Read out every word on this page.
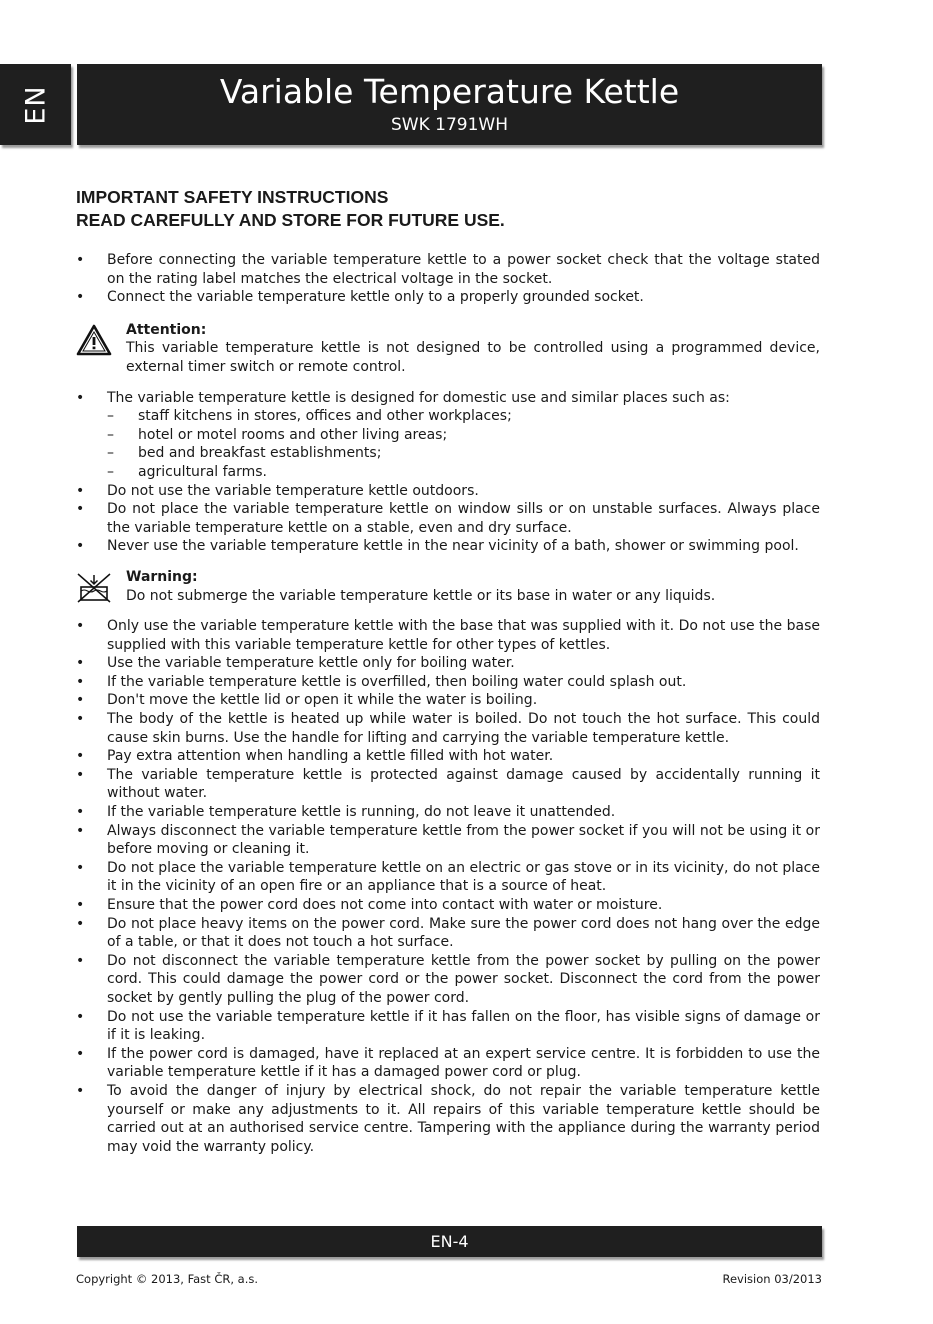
EN	Variable Temperature Kettle
SWK 1791WH
IMPORTANT SAFETY INSTRUCTIONS
READ CAREFULLY AND STORE FOR FUTURE USE.
• Before connecting the variable temperature kettle to a power socket check that the voltage stated on the rating label matches the electrical voltage in the socket.
• Connect the variable temperature kettle only to a properly grounded socket.
Attention:
This variable temperature kettle is not designed to be controlled using a programmed device, external timer switch or remote control.
• The variable temperature kettle is designed for domestic use and similar places such as:
– staff kitchens in stores, offices and other workplaces;
– hotel or motel rooms and other living areas;
– bed and breakfast establishments;
– agricultural farms.
• Do not use the variable temperature kettle outdoors.
• Do not place the variable temperature kettle on window sills or on unstable surfaces. Always place the variable temperature kettle on a stable, even and dry surface.
• Never use the variable temperature kettle in the near vicinity of a bath, shower or swimming pool.
Warning:
Do not submerge the variable temperature kettle or its base in water or any liquids.
• Only use the variable temperature kettle with the base that was supplied with it. Do not use the base supplied with this variable temperature kettle for other types of kettles.
• Use the variable temperature kettle only for boiling water.
• If the variable temperature kettle is overfilled, then boiling water could splash out.
• Don't move the kettle lid or open it while the water is boiling.
• The body of the kettle is heated up while water is boiled. Do not touch the hot surface. This could cause skin burns. Use the handle for lifting and carrying the variable temperature kettle.
• Pay extra attention when handling a kettle filled with hot water.
• The variable temperature kettle is protected against damage caused by accidentally running it without water.
• If the variable temperature kettle is running, do not leave it unattended.
• Always disconnect the variable temperature kettle from the power socket if you will not be using it or before moving or cleaning it.
• Do not place the variable temperature kettle on an electric or gas stove or in its vicinity, do not place it in the vicinity of an open fire or an appliance that is a source of heat.
• Ensure that the power cord does not come into contact with water or moisture.
• Do not place heavy items on the power cord. Make sure the power cord does not hang over the edge of a table, or that it does not touch a hot surface.
• Do not disconnect the variable temperature kettle from the power socket by pulling on the power cord. This could damage the power cord or the power socket. Disconnect the cord from the power socket by gently pulling the plug of the power cord.
• Do not use the variable temperature kettle if it has fallen on the floor, has visible signs of damage or if it is leaking.
• If the power cord is damaged, have it replaced at an expert service centre. It is forbidden to use the variable temperature kettle if it has a damaged power cord or plug.
• To avoid the danger of injury by electrical shock, do not repair the variable temperature kettle yourself or make any adjustments to it. All repairs of this variable temperature kettle should be carried out at an authorised service centre. Tampering with the appliance during the warranty period may void the warranty policy.
EN-4
Copyright © 2013, Fast ČR, a.s.	Revision 03/2013
